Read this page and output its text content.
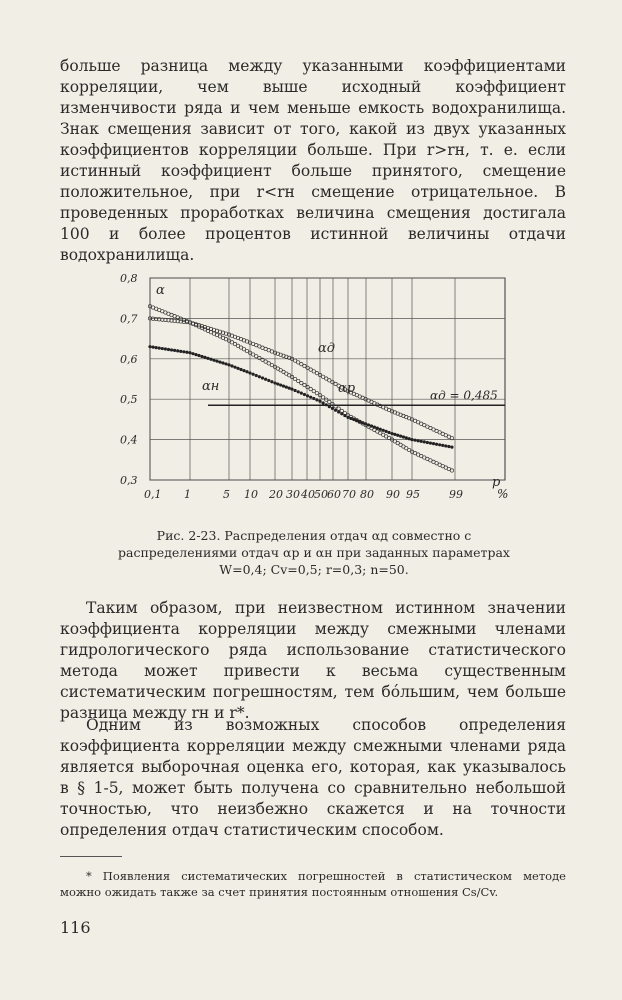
больше разница между указанными коэффициентами корреляции, чем выше исходный коэффициент изменчивости ряда и чем меньше емкость водохранилища. Знак смещения зависит от того, какой из двух указанных коэффициентов корреляции больше. При r>rн, т. е. если истинный коэффициент больше принятого, смещение положительное, при r<rн смещение отрицательное. В проведенных проработках величина смещения достигала 100 и более процентов истинной величины отдачи водохранилища.

0,3
0,4
0,5
0,6
0,7
0,8
0,1 1	5 10 20 30 40 50 60 70 80 90 95	99	%
α
αд = 0,485
αд
αр
αн
р

Рис. 2-23. Распределения отдач αд совместно с распределениями отдач αр и αн при заданных параметрах W=0,4; Cv=0,5; r=0,3; n=50.

Таким образом, при неизвестном истинном значении коэффициента корреляции между смежными членами гидрологического ряда использование статистического метода может привести к весьма существенным систематическим погрешностям, тем бо́льшим, чем больше разница между rн и r*.

Одним из возможных способов определения коэффициента корреляции между смежными членами ряда является выборочная оценка его, которая, как указывалось в § 1-5, может быть получена со сравнительно небольшой точностью, что неизбежно скажется и на точности определения отдач статистическим способом.

* Появления систематических погрешностей в статистическом методе можно ожидать также за счет принятия постоянным отношения Cs/Cv.

116
